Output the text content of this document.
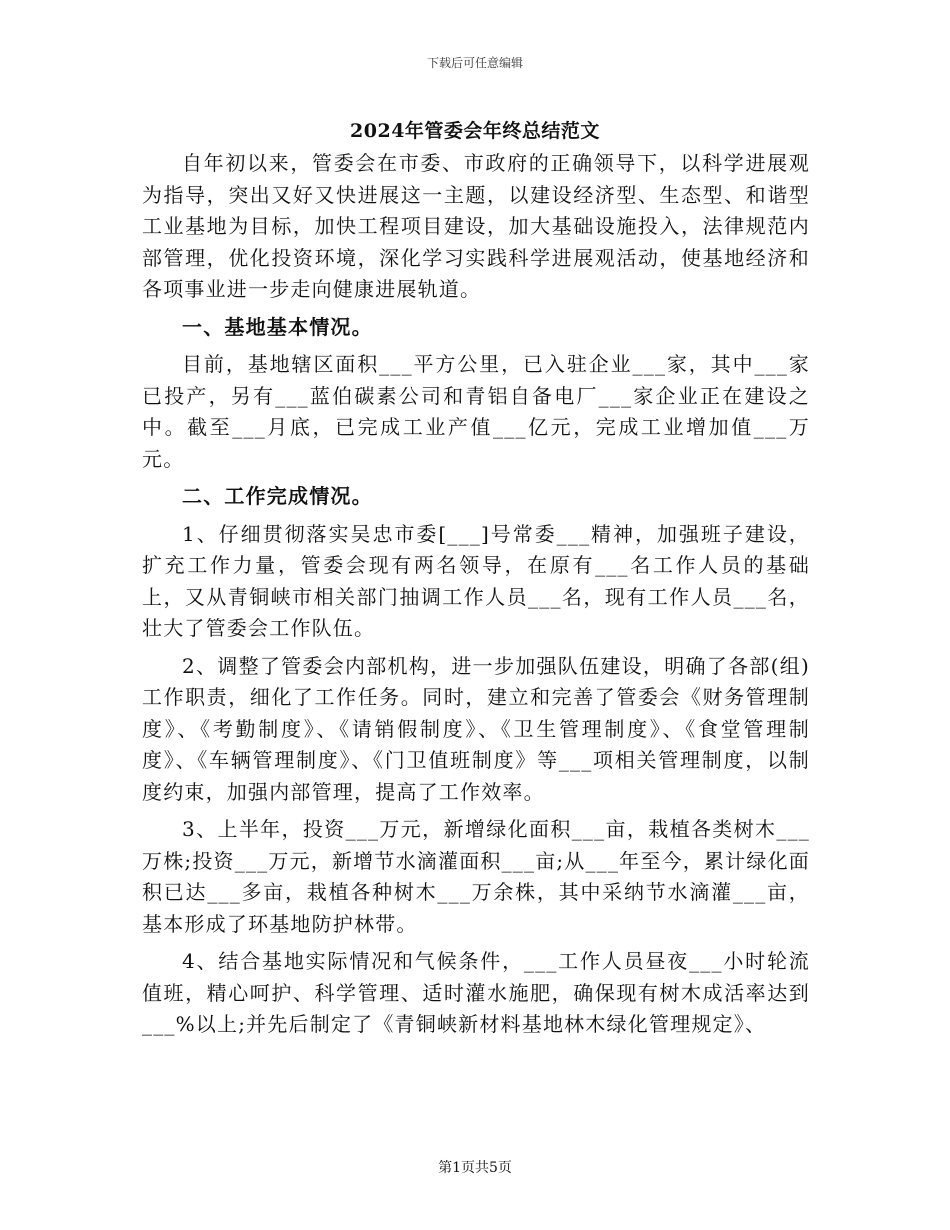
下载后可任意编辑
2024年管委会年终总结范文

自年初以来，管委会在市委、市政府的正确领导下，以科学进展观为指导，突出又好又快进展这一主题，以建设经济型、生态型、和谐型工业基地为目标，加快工程项目建设，加大基础设施投入，法律规范内部管理，优化投资环境，深化学习实践科学进展观活动，使基地经济和各项事业进一步走向健康进展轨道。

一、基地基本情况。

目前，基地辖区面积___平方公里，已入驻企业___家，其中___家已投产，另有___蓝伯碳素公司和青铝自备电厂___家企业正在建设之中。截至___月底，已完成工业产值___亿元，完成工业增加值___万元。

二、工作完成情况。

1、仔细贯彻落实吴忠市委[___]号常委___精神，加强班子建设，扩充工作力量，管委会现有两名领导，在原有___名工作人员的基础上，又从青铜峡市相关部门抽调工作人员___名，现有工作人员___名，壮大了管委会工作队伍。

2、调整了管委会内部机构，进一步加强队伍建设，明确了各部(组)工作职责，细化了工作任务。同时，建立和完善了管委会《财务管理制度》、《考勤制度》、《请销假制度》、《卫生管理制度》、《食堂管理制度》、《车辆管理制度》、《门卫值班制度》等___项相关管理制度，以制度约束，加强内部管理，提高了工作效率。

3、上半年，投资___万元，新增绿化面积___亩，栽植各类树木___万株;投资___万元，新增节水滴灌面积___亩;从___年至今，累计绿化面积已达___多亩，栽植各种树木___万余株，其中采纳节水滴灌___亩，基本形成了环基地防护林带。

4、结合基地实际情况和气候条件，___工作人员昼夜___小时轮流值班，精心呵护、科学管理、适时灌水施肥，确保现有树木成活率达到___%以上;并先后制定了《青铜峡新材料基地林木绿化管理规定》、

第1页共5页
